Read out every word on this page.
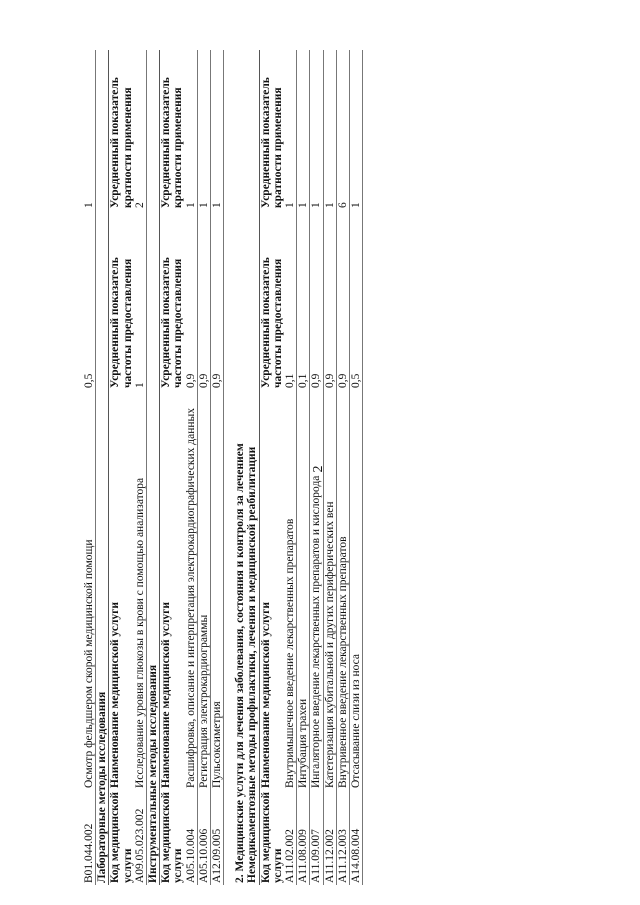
2
B01.044.002	Осмотр фельдшером скорой медицинской помощи	0,5	1
Лабораторные методы исследования			
Код медицинской услуги	Наименование медицинской услуги	Усредненный показатель частоты предоставления	Усредненный показатель кратности применения
A09.05.023.002	Исследование уровня глюкозы в крови с помощью анализатора	1	2
Инструментальные методы исследования			
Код медицинской услуги	Наименование медицинской услуги	Усредненный показатель частоты предоставления	Усредненный показатель кратности применения
A05.10.004	Расшифровка, описание и интерпретация электрокардиографических данных	0,9	1
A05.10.006	Регистрация электрокардиограммы	0,9	1
A12.09.005	Пульсоксиметрия	0,9	1

2. Медицинские услуги для лечения заболевания, состояния и контроля за лечением			
Немедикаментозные методы профилактики, лечения и медицинской реабилитации			
Код медицинской услуги	Наименование медицинской услуги	Усредненный показатель частоты предоставления	Усредненный показатель кратности применения
A11.02.002	Внутримышечное введение лекарственных препаратов	0,1	1
A11.08.009	Интубация трахеи	0,1	1
A11.09.007	Ингаляторное введение лекарственных препаратов и кислорода	0,9	1
A11.12.002	Катетеризация кубитальной и других периферических вен	0,9	1
A11.12.003	Внутривенное введение лекарственных препаратов	0,9	6
A14.08.004	Отсасывание слизи из носа	0,5	1
